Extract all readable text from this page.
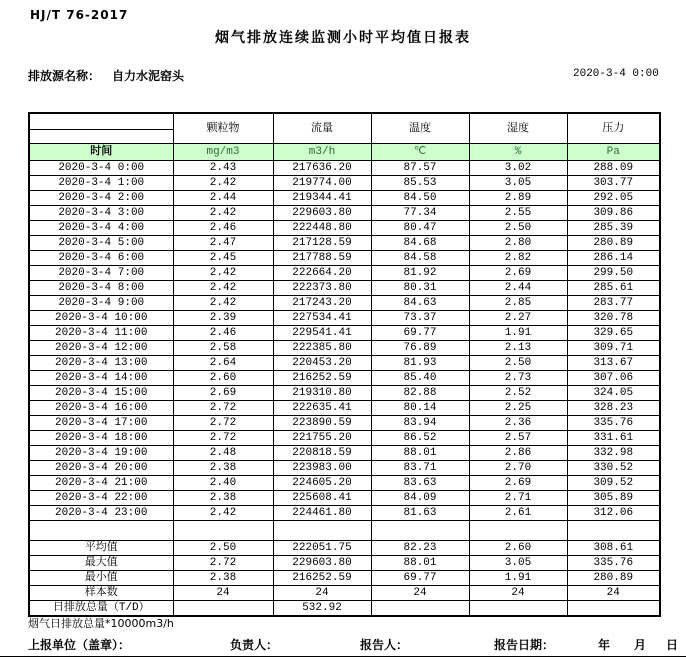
HJ/T 76-2017
烟气排放连续监测小时平均值日报表
排放源名称： 自力水泥窑头	2020-3-4 0:00
	颗粒物	流量	温度	湿度	压力

时间	mg/m3	m3/h	℃	%	Pa
2020-3-4 0:00	2.43	217636.20	87.57	3.02	288.09
2020-3-4 1:00	2.42	219774.00	85.53	3.05	303.77
2020-3-4 2:00	2.44	219344.41	84.50	2.89	292.05
2020-3-4 3:00	2.42	229603.80	77.34	2.55	309.86
2020-3-4 4:00	2.46	222448.80	80.47	2.50	285.39
2020-3-4 5:00	2.47	217128.59	84.68	2.80	280.89
2020-3-4 6:00	2.45	217788.59	84.58	2.82	286.14
2020-3-4 7:00	2.42	222664.20	81.92	2.69	299.50
2020-3-4 8:00	2.42	222373.80	80.31	2.44	285.61
2020-3-4 9:00	2.42	217243.20	84.63	2.85	283.77
2020-3-4 10:00	2.39	227534.41	73.37	2.27	320.78
2020-3-4 11:00	2.46	229541.41	69.77	1.91	329.65
2020-3-4 12:00	2.58	222385.80	76.89	2.13	309.71
2020-3-4 13:00	2.64	220453.20	81.93	2.50	313.67
2020-3-4 14:00	2.60	216252.59	85.40	2.73	307.06
2020-3-4 15:00	2.69	219310.80	82.88	2.52	324.05
2020-3-4 16:00	2.72	222635.41	80.14	2.25	328.23
2020-3-4 17:00	2.72	223890.59	83.94	2.36	335.76
2020-3-4 18:00	2.72	221755.20	86.52	2.57	331.61
2020-3-4 19:00	2.48	220818.59	88.01	2.86	332.98
2020-3-4 20:00	2.38	223983.00	83.71	2.70	330.52
2020-3-4 21:00	2.40	224605.20	83.63	2.69	309.52
2020-3-4 22:00	2.38	225608.41	84.09	2.71	305.89
2020-3-4 23:00	2.42	224461.80	81.63	2.61	312.06

平均值	2.50	222051.75	82.23	2.60	308.61
最大值	2.72	229603.80	88.01	3.05	335.76
最小值	2.38	216252.59	69.77	1.91	280.89
样本数	24	24	24	24	24
日排放总量（T/D）		532.92			
烟气日排放总量*10000m3/h
上报单位（盖章）：	负责人：	报告人：	报告日期：	年 月 日
